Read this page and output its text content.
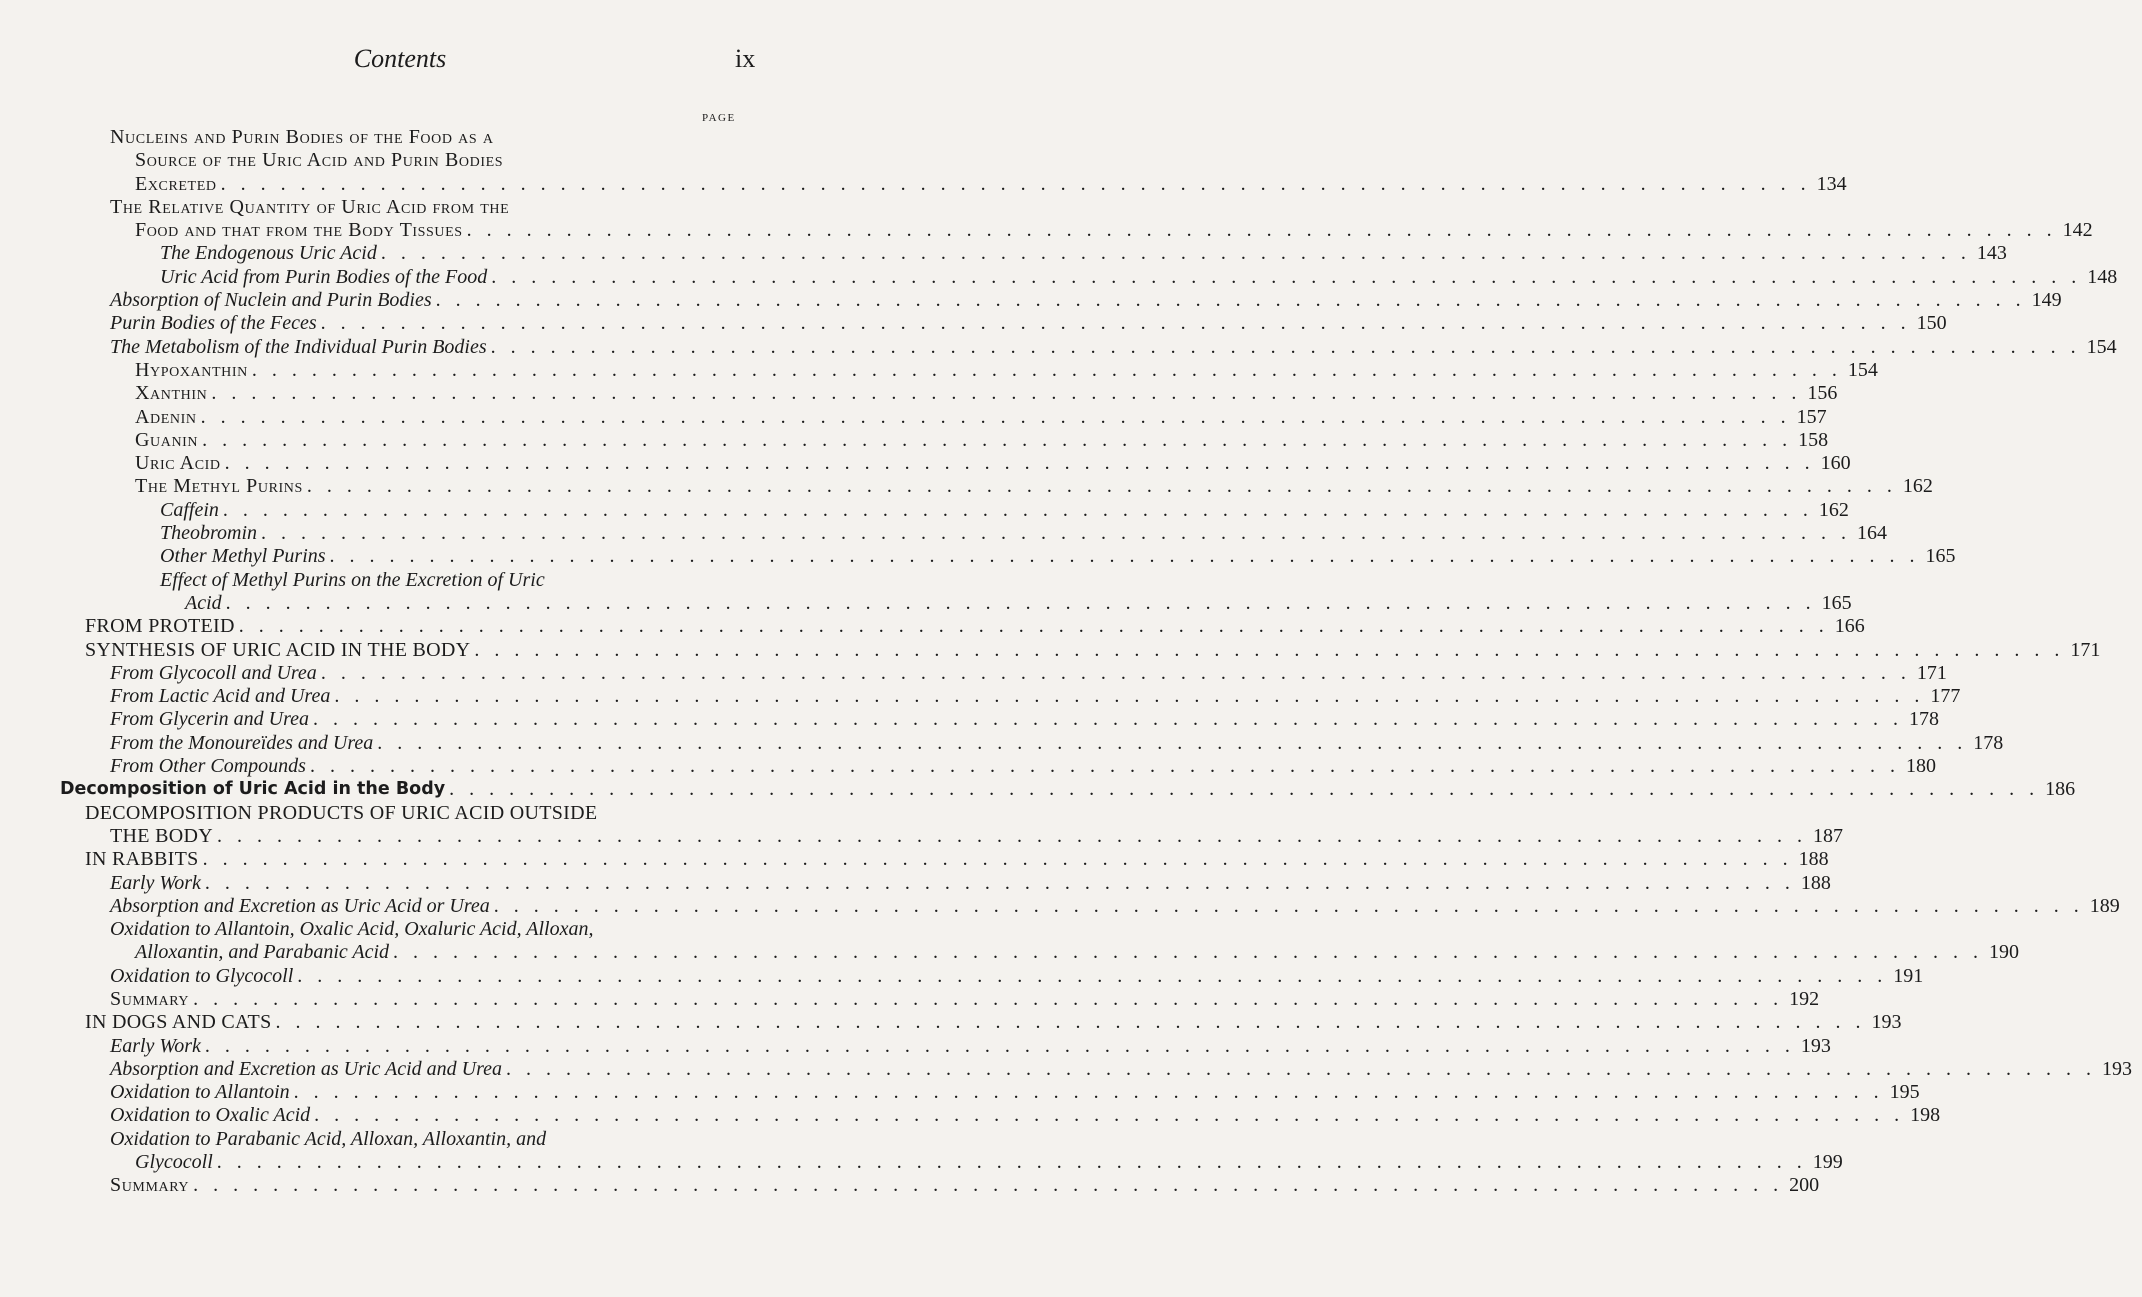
Contents	ix
PAGE
Nucleins and Purin Bodies of the Food as a
Source of the Uric Acid and Purin Bodies
Excreted . . . . . . . . . . . . . . . . . . . . . . . . . . . . . . . . . . . . . . . . . . . . . . . . . . . . . . . . . . . . . . . . . . . . . . . . . . . . . . . . 134
The Relative Quantity of Uric Acid from the
Food and that from the Body Tissues . . . . . . . . . . . . . . . . . . . . . . . . . . . . . . . . . . . . . . . . . . . . . . . . . . . . . . . . . . . . . . . . . . . . . . . . . . . . . . . . 142
The Endogenous Uric Acid . . . . . . . . . . . . . . . . . . . . . . . . . . . . . . . . . . . . . . . . . . . . . . . . . . . . . . . . . . . . . . . . . . . . . . . . . . . . . . . . 143
Uric Acid from Purin Bodies of the Food . . . . . . . . . . . . . . . . . . . . . . . . . . . . . . . . . . . . . . . . . . . . . . . . . . . . . . . . . . . . . . . . . . . . . . . . . . . . . . . . 148
Absorption of Nuclein and Purin Bodies . . . . . . . . . . . . . . . . . . . . . . . . . . . . . . . . . . . . . . . . . . . . . . . . . . . . . . . . . . . . . . . . . . . . . . . . . . . . . . . . 149
Purin Bodies of the Feces . . . . . . . . . . . . . . . . . . . . . . . . . . . . . . . . . . . . . . . . . . . . . . . . . . . . . . . . . . . . . . . . . . . . . . . . . . . . . . . . 150
The Metabolism of the Individual Purin Bodies . . . . . . . . . . . . . . . . . . . . . . . . . . . . . . . . . . . . . . . . . . . . . . . . . . . . . . . . . . . . . . . . . . . . . . . . . . . . . . . . 154
Hypoxanthin . . . . . . . . . . . . . . . . . . . . . . . . . . . . . . . . . . . . . . . . . . . . . . . . . . . . . . . . . . . . . . . . . . . . . . . . . . . . . . . . 154
Xanthin . . . . . . . . . . . . . . . . . . . . . . . . . . . . . . . . . . . . . . . . . . . . . . . . . . . . . . . . . . . . . . . . . . . . . . . . . . . . . . . . 156
Adenin . . . . . . . . . . . . . . . . . . . . . . . . . . . . . . . . . . . . . . . . . . . . . . . . . . . . . . . . . . . . . . . . . . . . . . . . . . . . . . . . 157
Guanin . . . . . . . . . . . . . . . . . . . . . . . . . . . . . . . . . . . . . . . . . . . . . . . . . . . . . . . . . . . . . . . . . . . . . . . . . . . . . . . . 158
Uric Acid . . . . . . . . . . . . . . . . . . . . . . . . . . . . . . . . . . . . . . . . . . . . . . . . . . . . . . . . . . . . . . . . . . . . . . . . . . . . . . . . 160
The Methyl Purins . . . . . . . . . . . . . . . . . . . . . . . . . . . . . . . . . . . . . . . . . . . . . . . . . . . . . . . . . . . . . . . . . . . . . . . . . . . . . . . . 162
Caffein . . . . . . . . . . . . . . . . . . . . . . . . . . . . . . . . . . . . . . . . . . . . . . . . . . . . . . . . . . . . . . . . . . . . . . . . . . . . . . . . 162
Theobromin . . . . . . . . . . . . . . . . . . . . . . . . . . . . . . . . . . . . . . . . . . . . . . . . . . . . . . . . . . . . . . . . . . . . . . . . . . . . . . . . 164
Other Methyl Purins . . . . . . . . . . . . . . . . . . . . . . . . . . . . . . . . . . . . . . . . . . . . . . . . . . . . . . . . . . . . . . . . . . . . . . . . . . . . . . . . 165
Effect of Methyl Purins on the Excretion of Uric
Acid . . . . . . . . . . . . . . . . . . . . . . . . . . . . . . . . . . . . . . . . . . . . . . . . . . . . . . . . . . . . . . . . . . . . . . . . . . . . . . . . 165
FROM PROTEID . . . . . . . . . . . . . . . . . . . . . . . . . . . . . . . . . . . . . . . . . . . . . . . . . . . . . . . . . . . . . . . . . . . . . . . . . . . . . . . . 166
SYNTHESIS OF URIC ACID IN THE BODY . . . . . . . . . . . . . . . . . . . . . . . . . . . . . . . . . . . . . . . . . . . . . . . . . . . . . . . . . . . . . . . . . . . . . . . . . . . . . . . . 171
From Glycocoll and Urea . . . . . . . . . . . . . . . . . . . . . . . . . . . . . . . . . . . . . . . . . . . . . . . . . . . . . . . . . . . . . . . . . . . . . . . . . . . . . . . . 171
From Lactic Acid and Urea . . . . . . . . . . . . . . . . . . . . . . . . . . . . . . . . . . . . . . . . . . . . . . . . . . . . . . . . . . . . . . . . . . . . . . . . . . . . . . . . 177
From Glycerin and Urea . . . . . . . . . . . . . . . . . . . . . . . . . . . . . . . . . . . . . . . . . . . . . . . . . . . . . . . . . . . . . . . . . . . . . . . . . . . . . . . . 178
From the Monoureïdes and Urea . . . . . . . . . . . . . . . . . . . . . . . . . . . . . . . . . . . . . . . . . . . . . . . . . . . . . . . . . . . . . . . . . . . . . . . . . . . . . . . . 178
From Other Compounds . . . . . . . . . . . . . . . . . . . . . . . . . . . . . . . . . . . . . . . . . . . . . . . . . . . . . . . . . . . . . . . . . . . . . . . . . . . . . . . . 180
Decomposition of Uric Acid in the Body . . . . . . . . . . . . . . . . . . . . . . . . . . . . . . . . . . . . . . . . . . . . . . . . . . . . . . . . . . . . . . . . . . . . . . . . . . . . . . . . 186
DECOMPOSITION PRODUCTS OF URIC ACID OUTSIDE
THE BODY . . . . . . . . . . . . . . . . . . . . . . . . . . . . . . . . . . . . . . . . . . . . . . . . . . . . . . . . . . . . . . . . . . . . . . . . . . . . . . . . 187
IN RABBITS . . . . . . . . . . . . . . . . . . . . . . . . . . . . . . . . . . . . . . . . . . . . . . . . . . . . . . . . . . . . . . . . . . . . . . . . . . . . . . . . 188
Early Work . . . . . . . . . . . . . . . . . . . . . . . . . . . . . . . . . . . . . . . . . . . . . . . . . . . . . . . . . . . . . . . . . . . . . . . . . . . . . . . . 188
Absorption and Excretion as Uric Acid or Urea . . . . . . . . . . . . . . . . . . . . . . . . . . . . . . . . . . . . . . . . . . . . . . . . . . . . . . . . . . . . . . . . . . . . . . . . . . . . . . . . 189
Oxidation to Allantoin, Oxalic Acid, Oxaluric Acid, Alloxan,
Alloxantin, and Parabanic Acid . . . . . . . . . . . . . . . . . . . . . . . . . . . . . . . . . . . . . . . . . . . . . . . . . . . . . . . . . . . . . . . . . . . . . . . . . . . . . . . . 190
Oxidation to Glycocoll . . . . . . . . . . . . . . . . . . . . . . . . . . . . . . . . . . . . . . . . . . . . . . . . . . . . . . . . . . . . . . . . . . . . . . . . . . . . . . . . 191
Summary . . . . . . . . . . . . . . . . . . . . . . . . . . . . . . . . . . . . . . . . . . . . . . . . . . . . . . . . . . . . . . . . . . . . . . . . . . . . . . . . 192
IN DOGS AND CATS . . . . . . . . . . . . . . . . . . . . . . . . . . . . . . . . . . . . . . . . . . . . . . . . . . . . . . . . . . . . . . . . . . . . . . . . . . . . . . . . 193
Early Work . . . . . . . . . . . . . . . . . . . . . . . . . . . . . . . . . . . . . . . . . . . . . . . . . . . . . . . . . . . . . . . . . . . . . . . . . . . . . . . . 193
Absorption and Excretion as Uric Acid and Urea . . . . . . . . . . . . . . . . . . . . . . . . . . . . . . . . . . . . . . . . . . . . . . . . . . . . . . . . . . . . . . . . . . . . . . . . . . . . . . . . 193
Oxidation to Allantoin . . . . . . . . . . . . . . . . . . . . . . . . . . . . . . . . . . . . . . . . . . . . . . . . . . . . . . . . . . . . . . . . . . . . . . . . . . . . . . . . 195
Oxidation to Oxalic Acid . . . . . . . . . . . . . . . . . . . . . . . . . . . . . . . . . . . . . . . . . . . . . . . . . . . . . . . . . . . . . . . . . . . . . . . . . . . . . . . . 198
Oxidation to Parabanic Acid, Alloxan, Alloxantin, and
Glycocoll . . . . . . . . . . . . . . . . . . . . . . . . . . . . . . . . . . . . . . . . . . . . . . . . . . . . . . . . . . . . . . . . . . . . . . . . . . . . . . . . 199
Summary . . . . . . . . . . . . . . . . . . . . . . . . . . . . . . . . . . . . . . . . . . . . . . . . . . . . . . . . . . . . . . . . . . . . . . . . . . . . . . . . 200
